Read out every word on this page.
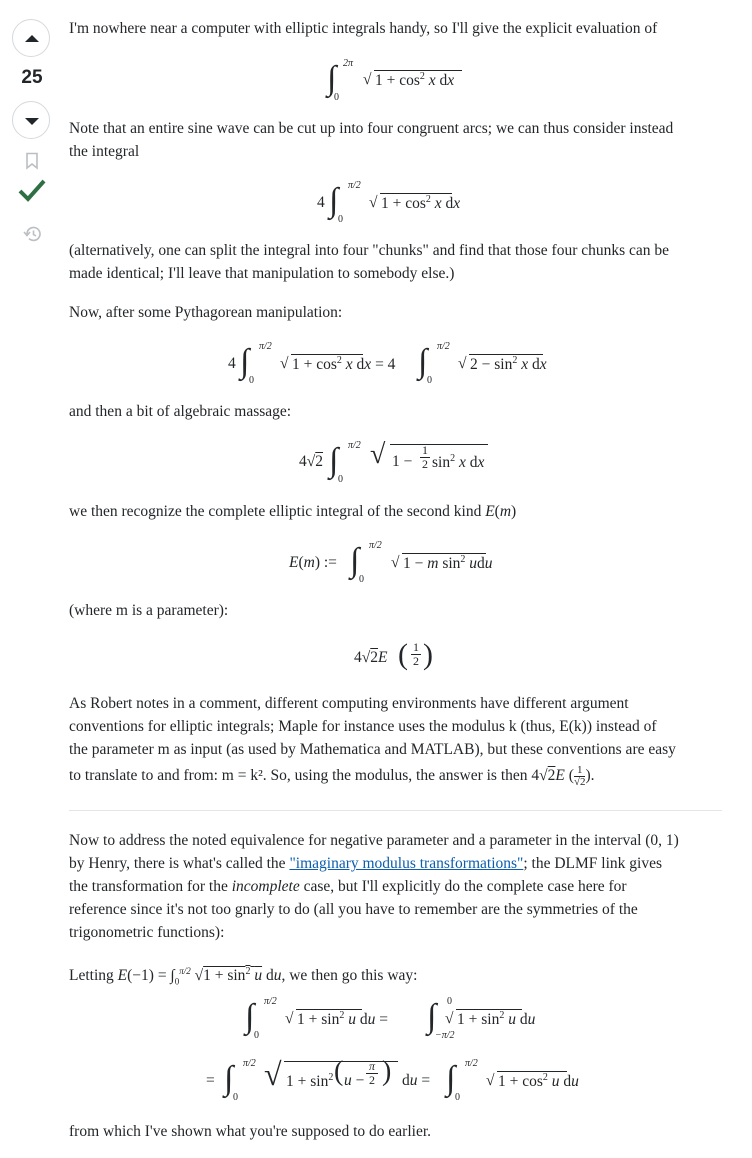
25

I'm nowhere near a computer with elliptic integrals handy, so I'll give the explicit evaluation of

∫ 2π
0
√ $1 + \cos^2 x$ dx

Note that an entire sine wave can be cut up into four congruent arcs; we can thus consider instead

the integral

4 ∫ π/2
0
√ $1 + \cos^2 x$ dx

(alternatively, one can split the integral into four "chunks" and find that those four chunks can be

made identical; I'll leave that manipulation to somebody else.)

Now, after some Pythagorean manipulation:

4 ∫ π/2
0
√ $1 + \cos^2 x$ dx = 4 ∫ π/2
0
√ $2 - \sin^2 x$ dx

and then a bit of algebraic massage:

4√2 ∫ π/2
0
√ 1 −
1

2 $\sin^2 x$ dx

we then recognize the complete elliptic integral of the second kind E(m)

E(m) := ∫ π/2
0
√ 1 − m $\sin^2$ udu

(where m is a parameter):

4√2E ( 1

2 )

As Robert notes in a comment, different computing environments have different argument

conventions for elliptic integrals; Maple for instance uses the modulus k (thus, E(k)) instead of

the parameter m as input (as used by Mathematica and MATLAB), but these conventions are easy

to translate to and from: m = k². So, using the modulus, the answer is then 4√2E ( 1

√2 ).

Now to address the noted equivalence for negative parameter and a parameter in the interval (0, 1)

by Henry, there is what's called the "imaginary modulus transformations"; the DLMF link gives

the transformation for the incomplete case, but I'll explicitly do the complete case here for

reference since it's not too gnarly to do (all you have to remember are the symmetries of the

trigonometric functions):

Letting $E(-1) = \int_0^{\pi/2}$ $√1 + \sin^2 u$ du, we then go this way:

∫ π/2
0
√ $1 + \sin^2 u$ du = ∫ 0
−π/2
√ $1 + \sin^2 u$ du
= ∫ π/2
0
√ $1 + \sin^2$ ( u −
π

2 ) du = ∫ π/2
0
√ $1 + \cos^2 u$ du

from which I've shown what you're supposed to do earlier.
